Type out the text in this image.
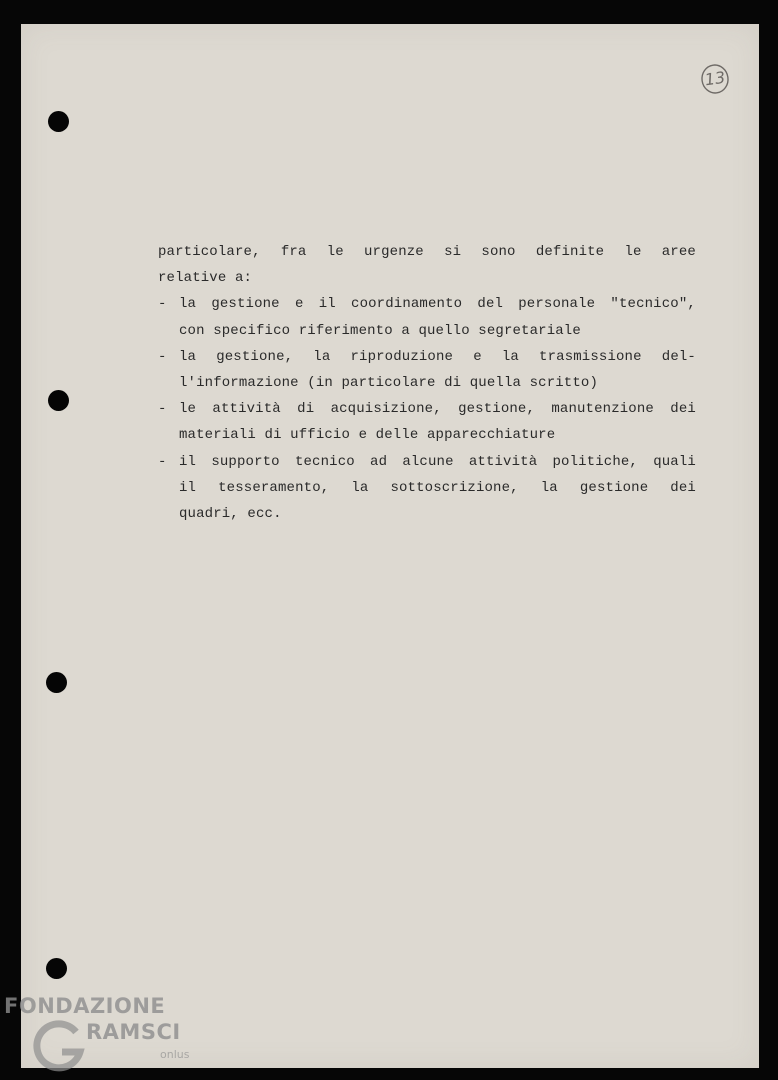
13
particolare, fra le urgenze si sono definite le aree
relative a:
- la gestione e il coordinamento del personale "tecnico",
con specifico riferimento a quello segretariale
- la gestione, la riproduzione e la trasmissione del-
l'informazione (in particolare di quella scritto)
- le attività di acquisizione, gestione, manutenzione dei
materiali di ufficio e delle apparecchiature
- il supporto tecnico ad alcune attività politiche, quali
il tesseramento, la sottoscrizione, la gestione dei
quadri, ecc.
FONDAZIONE
RAMSCI
onlus
